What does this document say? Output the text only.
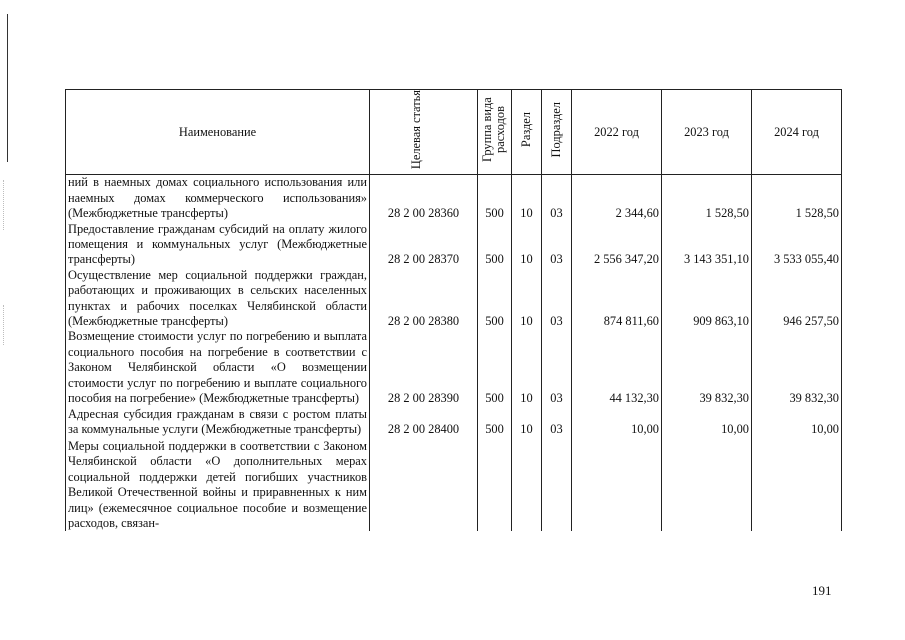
Наименование	Целевая статья	Группа вида расходов	Раздел	Подраздел	2022 год	2023 год	2024 год
ний в наемных домах социального использования или наемных домах коммерческого использования» (Межбюджетные трансферты)	28 2 00 28360	500	10	03	2 344,60	1 528,50	1 528,50
Предоставление гражданам субсидий на оплату жилого помещения и коммунальных услуг (Межбюджетные трансферты)	28 2 00 28370	500	10	03	2 556 347,20	3 143 351,10	3 533 055,40
Осуществление мер социальной поддержки граждан, работающих и проживающих в сельских населенных пунктах и рабочих поселках Челябинской области (Межбюджетные трансферты)	28 2 00 28380	500	10	03	874 811,60	909 863,10	946 257,50
Возмещение стоимости услуг по погребению и выплата социального пособия на погребение в соответствии с Законом Челябинской области «О возмещении стоимости услуг по погребению и выплате социального пособия на погребение» (Межбюджетные трансферты)	28 2 00 28390	500	10	03	44 132,30	39 832,30	39 832,30
Адресная субсидия гражданам в связи с ростом платы за коммунальные услуги (Межбюджетные трансферты)	28 2 00 28400	500	10	03	10,00	10,00	10,00
Меры социальной поддержки в соответствии с Законом Челябинской области «О дополнительных мерах социальной поддержки детей погибших участников Великой Отечественной войны и приравненных к ним лиц» (ежемесячное социальное пособие и возмещение расходов, связан-							
191
